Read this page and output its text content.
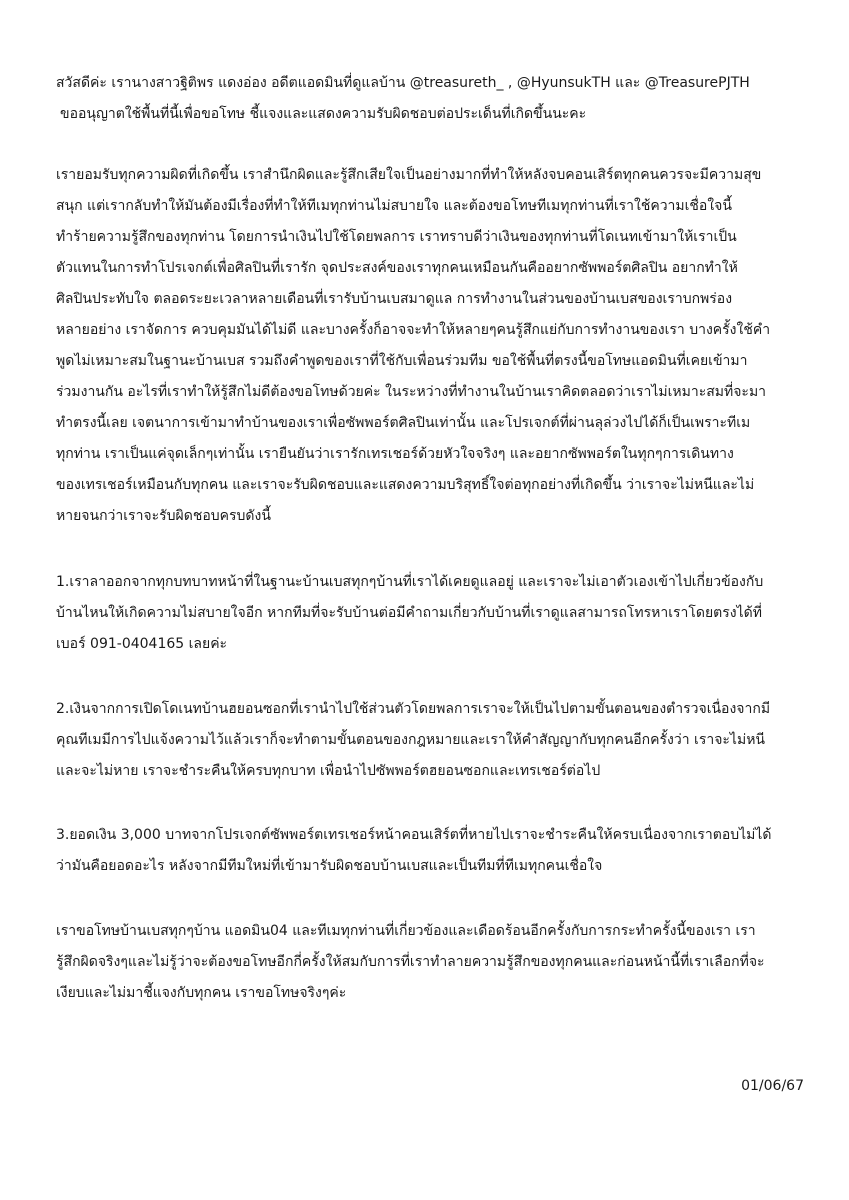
สวัสดีค่ะ เรานางสาวฐิติพร แดงอ่อง อดีตแอดมินที่ดูแลบ้าน @treasureth_ , @HyunsukTH และ @TreasurePJTH
ขออนุญาตใช้พื้นที่นี้เพื่อขอโทษ ชี้แจงและแสดงความรับผิดชอบต่อประเด็นที่เกิดขึ้นนะคะ
เรายอมรับทุกความผิดที่เกิดขึ้น เราสำนึกผิดและรู้สึกเสียใจเป็นอย่างมากที่ทำให้หลังจบคอนเสิร์ตทุกคนควรจะมีความสุข
สนุก แต่เรากลับทำให้มันต้องมีเรื่องที่ทำให้ทีเมทุกท่านไม่สบายใจ และต้องขอโทษทีเมทุกท่านที่เราใช้ความเชื่อใจนี้
ทำร้ายความรู้สึกของทุกท่าน โดยการนำเงินไปใช้โดยพลการ เราทราบดีว่าเงินของทุกท่านที่โดเนทเข้ามาให้เราเป็น
ตัวแทนในการทำโปรเจกต์เพื่อศิลปินที่เรารัก จุดประสงค์ของเราทุกคนเหมือนกันคืออยากซัพพอร์ตศิลปิน อยากทำให้
ศิลปินประทับใจ ตลอดระยะเวลาหลายเดือนที่เรารับบ้านเบสมาดูแล การทำงานในส่วนของบ้านเบสของเราบกพร่อง
หลายอย่าง เราจัดการ ควบคุมมันได้ไม่ดี และบางครั้งก็อาจจะทำให้หลายๆคนรู้สึกแย่กับการทำงานของเรา บางครั้งใช้คำ
พูดไม่เหมาะสมในฐานะบ้านเบส รวมถึงคำพูดของเราที่ใช้กับเพื่อนร่วมทีม ขอใช้พื้นที่ตรงนี้ขอโทษแอดมินที่เคยเข้ามา
ร่วมงานกัน อะไรที่เราทำให้รู้สึกไม่ดีต้องขอโทษด้วยค่ะ ในระหว่างที่ทำงานในบ้านเราคิดตลอดว่าเราไม่เหมาะสมที่จะมา
ทำตรงนี้เลย เจตนาการเข้ามาทำบ้านของเราเพื่อซัพพอร์ตศิลปินเท่านั้น และโปรเจกต์ที่ผ่านลุล่วงไปได้ก็เป็นเพราะทีเม
ทุกท่าน เราเป็นแค่จุดเล็กๆเท่านั้น เรายืนยันว่าเรารักเทรเชอร์ด้วยหัวใจจริงๆ และอยากซัพพอร์ตในทุกๆการเดินทาง
ของเทรเชอร์เหมือนกับทุกคน และเราจะรับผิดชอบและแสดงความบริสุทธิ์ใจต่อทุกอย่างที่เกิดขึ้น ว่าเราจะไม่หนีและไม่
หายจนกว่าเราจะรับผิดชอบครบดังนี้
1.เราลาออกจากทุกบทบาทหน้าที่ในฐานะบ้านเบสทุกๆบ้านที่เราได้เคยดูแลอยู่ และเราจะไม่เอาตัวเองเข้าไปเกี่ยวข้องกับ
บ้านไหนให้เกิดความไม่สบายใจอีก หากทีมที่จะรับบ้านต่อมีคำถามเกี่ยวกับบ้านที่เราดูแลสามารถโทรหาเราโดยตรงได้ที่
เบอร์ 091-0404165 เลยค่ะ
2.เงินจากการเปิดโดเนทบ้านฮยอนซอกที่เรานำไปใช้ส่วนตัวโดยพลการเราจะให้เป็นไปตามขั้นตอนของตำรวจเนื่องจากมี
คุณทีเมมีการไปแจ้งความไว้แล้วเราก็จะทำตามขั้นตอนของกฎหมายและเราให้คำสัญญากับทุกคนอีกครั้งว่า เราจะไม่หนี
และจะไม่หาย เราจะชำระคืนให้ครบทุกบาท เพื่อนำไปซัพพอร์ตฮยอนซอกและเทรเชอร์ต่อไป
3.ยอดเงิน 3,000 บาทจากโปรเจกต์ซัพพอร์ตเทรเชอร์หน้าคอนเสิร์ตที่หายไปเราจะชำระคืนให้ครบเนื่องจากเราตอบไม่ได้
ว่ามันคือยอดอะไร หลังจากมีทีมใหม่ที่เข้ามารับผิดชอบบ้านเบสและเป็นทีมที่ทีเมทุกคนเชื่อใจ
เราขอโทษบ้านเบสทุกๆบ้าน แอดมิน04 และทีเมทุกท่านที่เกี่ยวข้องและเดือดร้อนอีกครั้งกับการกระทำครั้งนี้ของเรา เรา
รู้สึกผิดจริงๆและไม่รู้ว่าจะต้องขอโทษอีกกี่ครั้งให้สมกับการที่เราทำลายความรู้สึกของทุกคนและก่อนหน้านี้ที่เราเลือกที่จะ
เงียบและไม่มาชี้แจงกับทุกคน เราขอโทษจริงๆค่ะ
01/06/67
